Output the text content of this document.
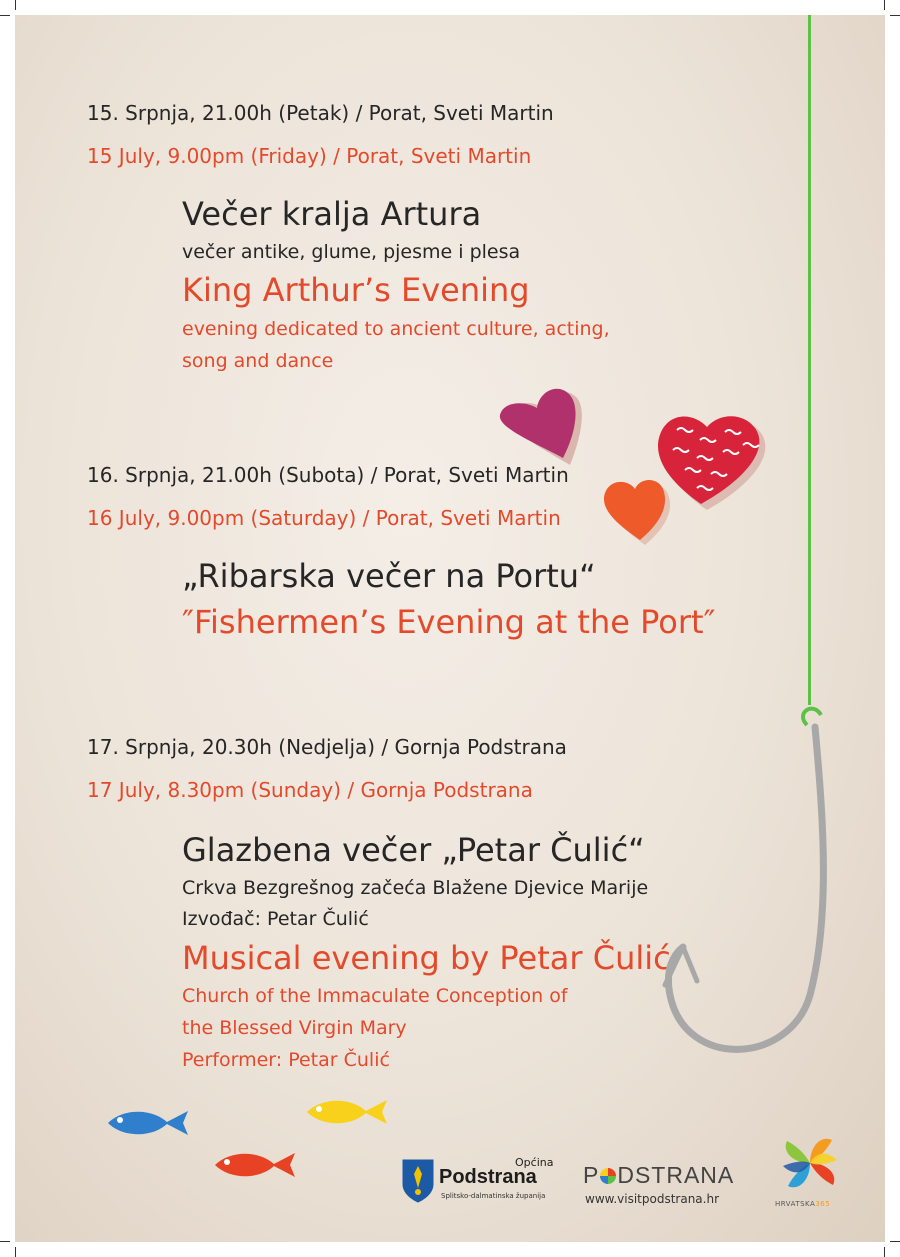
15. Srpnja, 21.00h (Petak) / Porat, Sveti Martin
15 July, 9.00pm (Friday) / Porat, Sveti Martin
Večer kralja Artura
večer antike, glume, pjesme i plesa
King Arthur’s Evening
evening dedicated to ancient culture, acting,
song and dance
16. Srpnja, 21.00h (Subota) / Porat, Sveti Martin
16 July, 9.00pm (Saturday) / Porat, Sveti Martin
„Ribarska večer na Portu“
″Fishermen’s Evening at the Port″
17. Srpnja, 20.30h (Nedjelja) / Gornja Podstrana
17 July, 8.30pm (Sunday) / Gornja Podstrana
Glazbena večer „Petar Čulić“
Crkva Bezgrešnog začeća Blažene Djevice Marije
Izvođač: Petar Čulić
Musical evening by Petar Čulić
Church of the Immaculate Conception of
the Blessed Virgin Mary
Performer: Petar Čulić
Općina
Podstrana
Splitsko-dalmatinska županija
P DSTRANA
www.visitpodstrana.hr	HRVATSKA365
